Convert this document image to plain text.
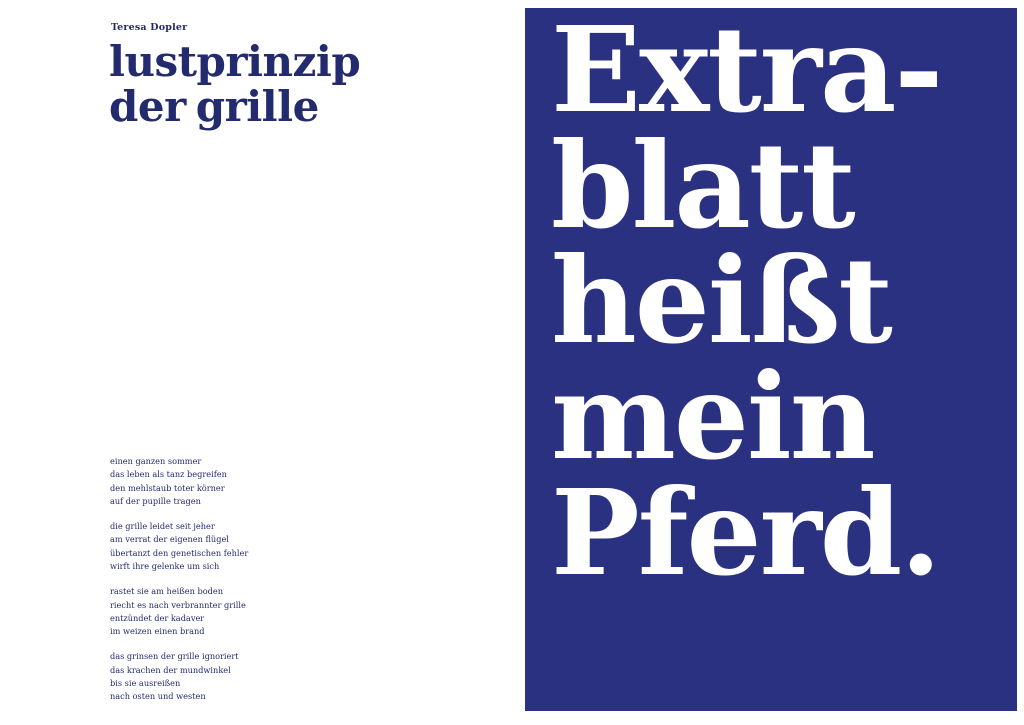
Teresa Dopler
lustprinzip
der grille
einen ganzen sommer
das leben als tanz begreifen
den mehlstaub toter körner
auf der pupille tragen
die grille leidet seit jeher
am verrat der eigenen flügel
übertanzt den genetischen fehler
wirft ihre gelenke um sich
rastet sie am heißen boden
riecht es nach verbrannter grille
entzündet der kadaver
im weizen einen brand
das grinsen der grille ignoriert
das krachen der mundwinkel
bis sie ausreißen
nach osten und westen
Extra-
blatt
heißt
mein
Pferd.
